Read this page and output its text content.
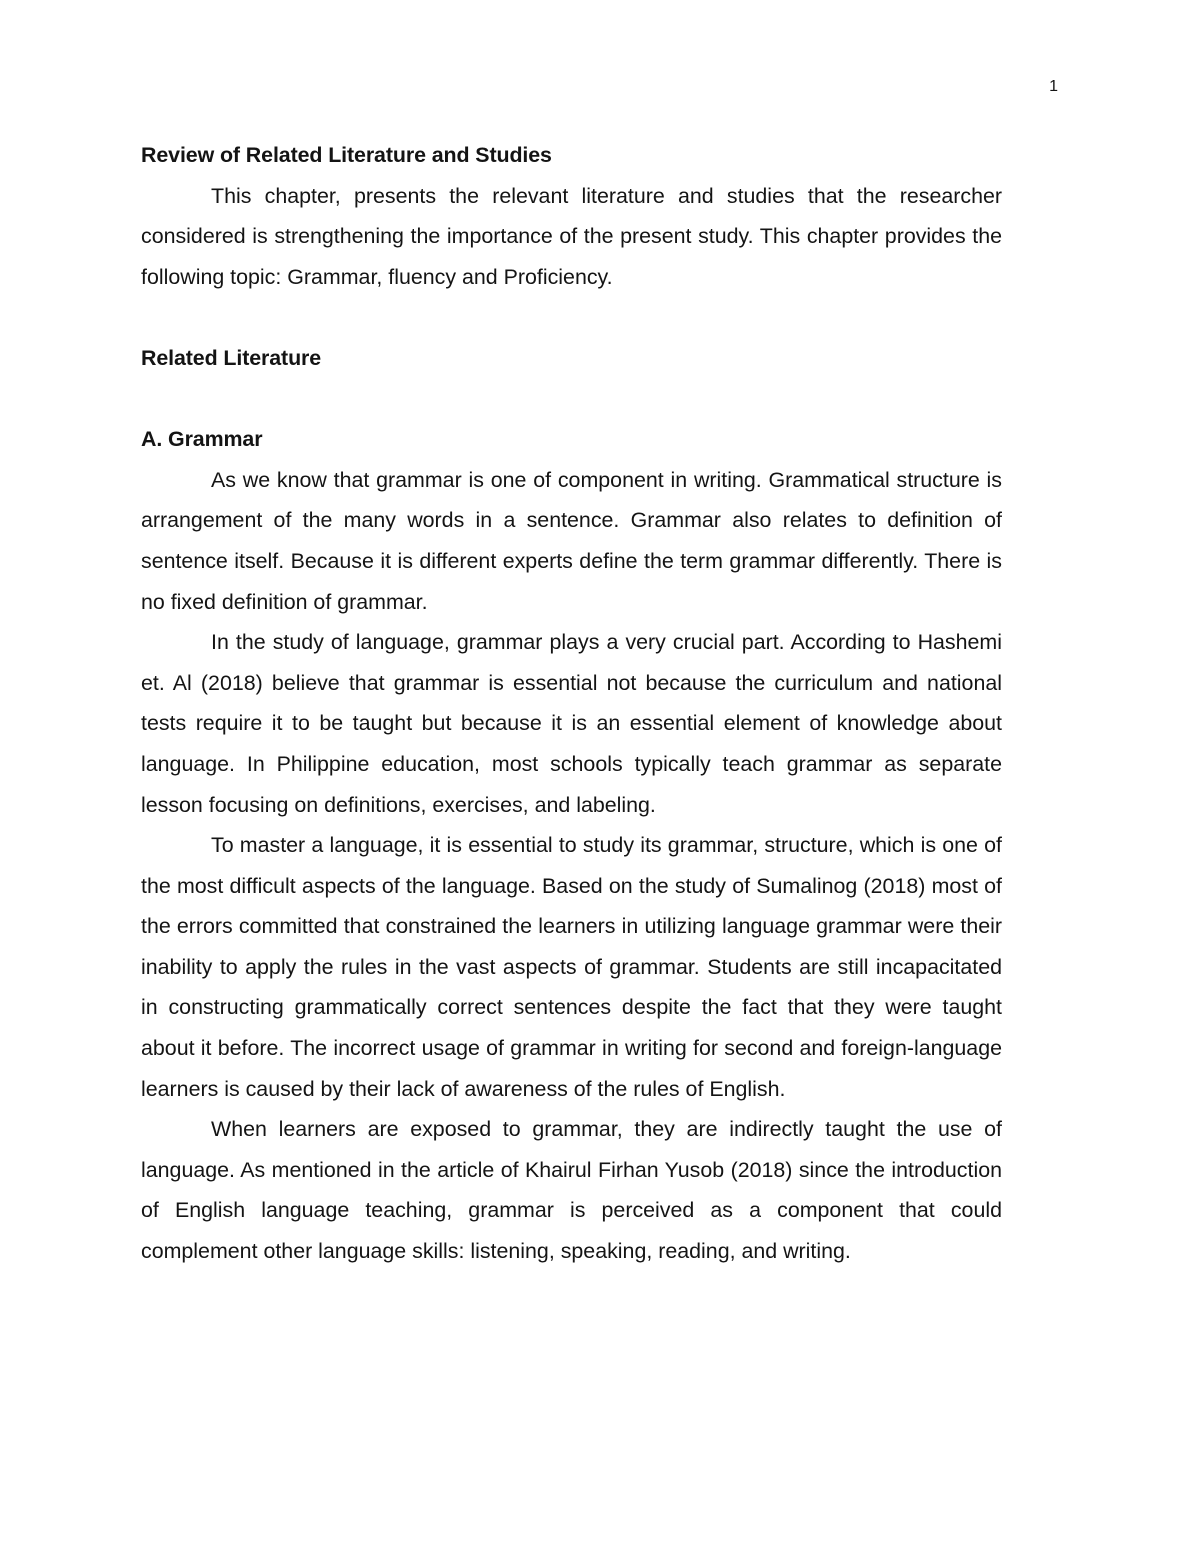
1

Review of Related Literature and Studies

This chapter, presents the relevant literature and studies that the researcher considered is strengthening the importance of the present study. This chapter provides the following topic: Grammar, fluency and Proficiency.

Related Literature

A. Grammar

As we know that grammar is one of component in writing. Grammatical structure is arrangement of the many words in a sentence. Grammar also relates to definition of sentence itself. Because it is different experts define the term grammar differently. There is no fixed definition of grammar.

In the study of language, grammar plays a very crucial part. According to Hashemi et. Al (2018) believe that grammar is essential not because the curriculum and national tests require it to be taught but because it is an essential element of knowledge about language. In Philippine education, most schools typically teach grammar as separate lesson focusing on definitions, exercises, and labeling.

To master a language, it is essential to study its grammar, structure, which is one of the most difficult aspects of the language. Based on the study of Sumalinog (2018) most of the errors committed that constrained the learners in utilizing language grammar were their inability to apply the rules in the vast aspects of grammar. Students are still incapacitated in constructing grammatically correct sentences despite the fact that they were taught about it before. The incorrect usage of grammar in writing for second and foreign-language learners is caused by their lack of awareness of the rules of English.

When learners are exposed to grammar, they are indirectly taught the use of language. As mentioned in the article of Khairul Firhan Yusob (2018) since the introduction of English language teaching, grammar is perceived as a component that could complement other language skills: listening, speaking, reading, and writing.
